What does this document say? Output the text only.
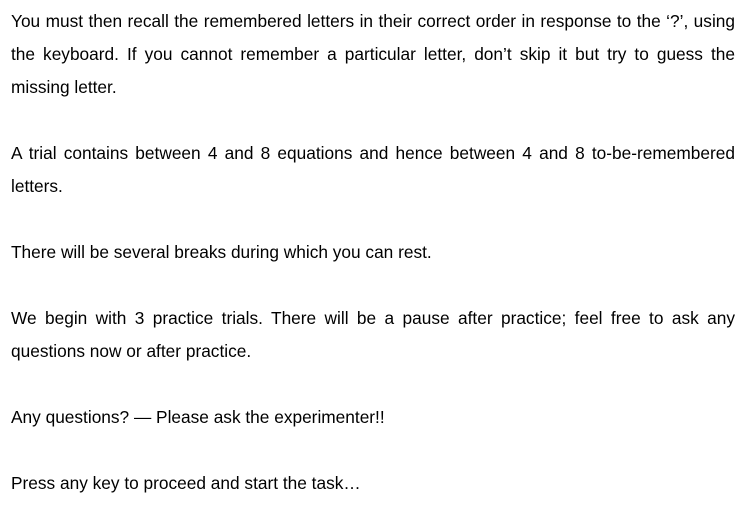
You must then recall the remembered letters in their correct order in response to the ‘?’, using the keyboard. If you cannot remember a particular letter, don’t skip it but try to guess the missing letter.

A trial contains between 4 and 8 equations and hence between 4 and 8 to-be-remembered letters.

There will be several breaks during which you can rest.

We begin with 3 practice trials. There will be a pause after practice; feel free to ask any questions now or after practice.

Any questions? — Please ask the experimenter!!

Press any key to proceed and start the task…
